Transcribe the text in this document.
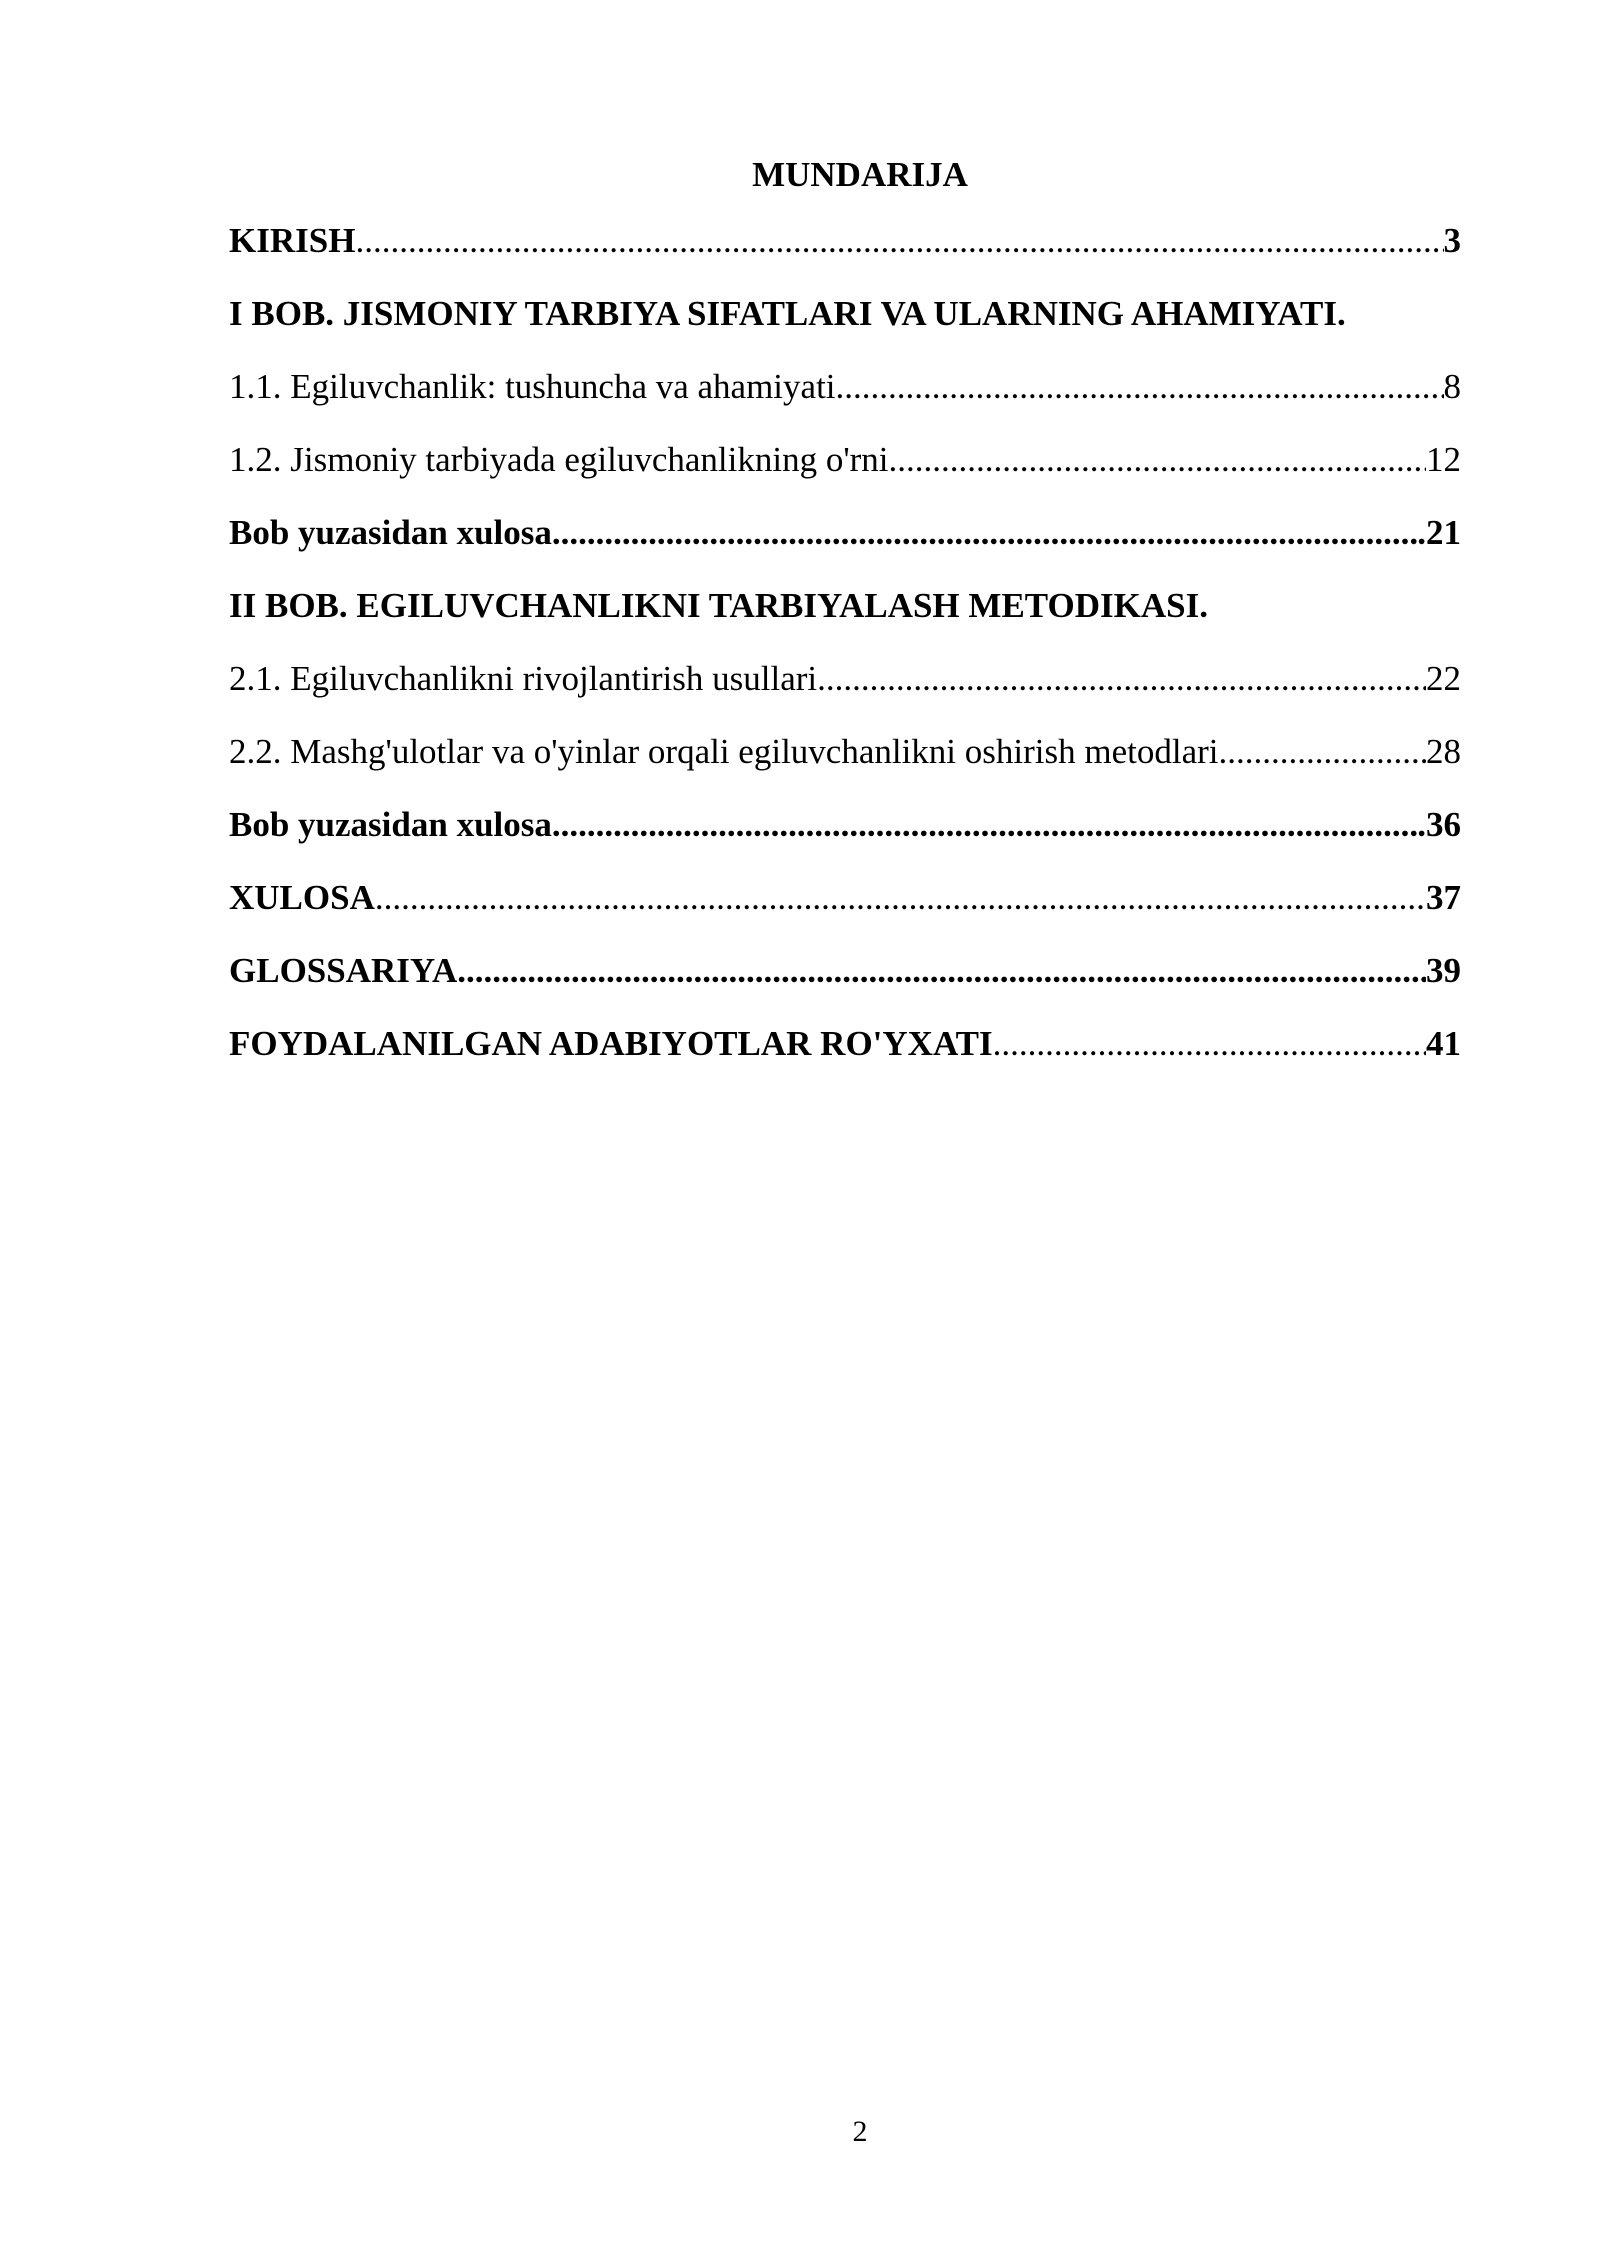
MUNDARIJA
KIRISH .....	3
I BOB. JISMONIY TARBIYA SIFATLARI VA ULARNING AHAMIYATI.
1.1. Egiluvchanlik: tushuncha va ahamiyati .....	8
1.2. Jismoniy tarbiyada egiluvchanlikning o'rni .....	12
Bob yuzasidan xulosa .....	.21
II BOB. EGILUVCHANLIKNI TARBIYALASH METODIKASI.
2.1. Egiluvchanlikni rivojlantirish usullari .....	22
2.2. Mashg'ulotlar va o'yinlar orqali egiluvchanlikni oshirish metodlari .....	28
Bob yuzasidan xulosa .....	.36
XULOSA .....	37
GLOSSARIYA .....	39
FOYDALANILGAN ADABIYOTLAR RO'YXATI .....	41
2
